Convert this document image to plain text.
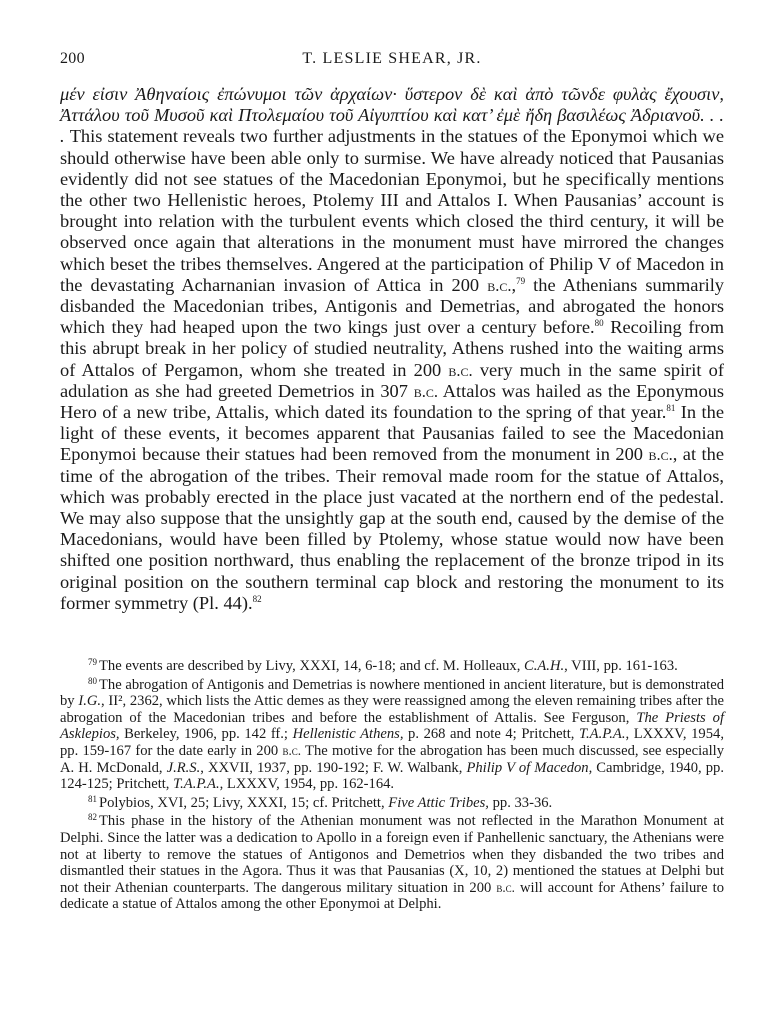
200	T. LESLIE SHEAR, JR.

μέν εἰσιν Ἀθηναίοις ἐπώνυμοι τῶν ἀρχαίων· ὕστερον δὲ καὶ ἀπὸ τῶνδε φυλὰς ἔχουσιν, Ἀττάλου τοῦ Μυσοῦ καὶ Πτολεμαίου τοῦ Αἰγυπτίου καὶ κατ’ ἐμὲ ἤδη βασιλέως Ἀδριανοῦ. . . . This statement reveals two further adjustments in the statues of the Eponymoi which we should otherwise have been able only to surmise. We have already noticed that Pausanias evidently did not see statues of the Macedonian Eponymoi, but he specifically mentions the other two Hellenistic heroes, Ptolemy III and Attalos I. When Pausanias’ account is brought into relation with the turbulent events which closed the third century, it will be observed once again that alterations in the monument must have mirrored the changes which beset the tribes themselves. Angered at the participation of Philip V of Macedon in the devastating Acharnanian invasion of Attica in 200 b.c.,$^{79}$ the Athenians summarily disbanded the Macedonian tribes, Antigonis and Demetrias, and abrogated the honors which they had heaped upon the two kings just over a century before.$^{80}$ Recoiling from this abrupt break in her policy of studied neutrality, Athens rushed into the waiting arms of Attalos of Pergamon, whom she treated in 200 b.c. very much in the same spirit of adulation as she had greeted Demetrios in 307 b.c. Attalos was hailed as the Eponymous Hero of a new tribe, Attalis, which dated its foundation to the spring of that year.$^{81}$ In the light of these events, it becomes apparent that Pausanias failed to see the Macedonian Eponymoi because their statues had been removed from the monument in 200 b.c., at the time of the abrogation of the tribes. Their removal made room for the statue of Attalos, which was probably erected in the place just vacated at the northern end of the pedestal. We may also suppose that the unsightly gap at the south end, caused by the demise of the Macedonians, would have been filled by Ptolemy, whose statue would now have been shifted one position northward, thus enabling the replacement of the bronze tripod in its original position on the southern terminal cap block and restoring the monument to its former symmetry (Pl. 44).$^{82}$

$^{79}$ The events are described by Livy, XXXI, 14, 6-18; and cf. M. Holleaux, C.A.H., VIII, pp. 161-163.

$^{80}$ The abrogation of Antigonis and Demetrias is nowhere mentioned in ancient literature, but is demonstrated by I.G., II², 2362, which lists the Attic demes as they were reassigned among the eleven remaining tribes after the abrogation of the Macedonian tribes and before the establishment of Attalis. See Ferguson, The Priests of Asklepios, Berkeley, 1906, pp. 142 ff.; Hellenistic Athens, p. 268 and note 4; Pritchett, T.A.P.A., LXXXV, 1954, pp. 159-167 for the date early in 200 b.c. The motive for the abrogation has been much discussed, see especially A. H. McDonald, J.R.S., XXVII, 1937, pp. 190-192; F. W. Walbank, Philip V of Macedon, Cambridge, 1940, pp. 124-125; Pritchett, T.A.P.A., LXXXV, 1954, pp. 162-164.

$^{81}$ Polybios, XVI, 25; Livy, XXXI, 15; cf. Pritchett, Five Attic Tribes, pp. 33-36.

$^{82}$ This phase in the history of the Athenian monument was not reflected in the Marathon Monument at Delphi. Since the latter was a dedication to Apollo in a foreign even if Panhellenic sanctuary, the Athenians were not at liberty to remove the statues of Antigonos and Demetrios when they disbanded the two tribes and dismantled their statues in the Agora. Thus it was that Pausanias (X, 10, 2) mentioned the statues at Delphi but not their Athenian counterparts. The dangerous military situation in 200 b.c. will account for Athens’ failure to dedicate a statue of Attalos among the other Eponymoi at Delphi.
